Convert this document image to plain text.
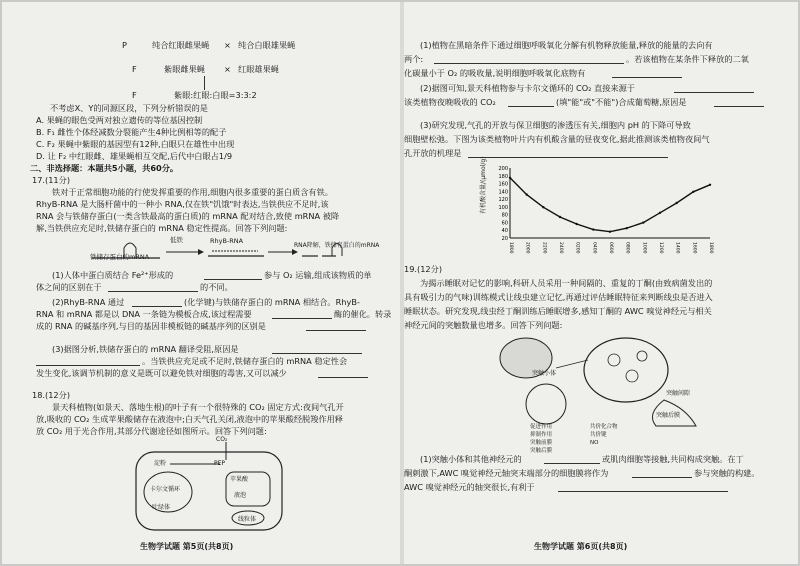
P	纯合红眼雌果蝇 × 纯合白眼雄果蝇
F	紫眼雌果蝇 × 红眼雄果蝇
F	紫眼:红眼:白眼=3:3:2
不考虑X、Y的同源区段，下列分析错误的是
A. 果蝇的眼色受两对独立遗传的等位基因控制
B. F₁ 雌性个体经减数分裂能产生4种比例相等的配子
C. F₂ 果蝇中紫眼的基因型有12种,白眼只在雄性中出现
D. 让 F₂ 中红眼雌、雄果蝇相互交配,后代中白眼占1/9
二、非选择题：本题共5小题，共60分。
17.(11分)
铁对于正常细胞功能的行使发挥重要的作用,细胞内很多重要的蛋白质含有铁。
RhyB-RNA 是大肠杆菌中的一种小 RNA,仅在铁"饥饿"时表达,当铁供应不足时,该
RNA 会与铁储存蛋白(一类含铁最高的蛋白质)的 mRNA 配对结合,致使 mRNA 被降
解,当铁供应充足时,铁储存蛋白的 mRNA 稳定性提高。回答下列问题:
铁储存蛋白的mRNA
低铁	RhyB-RNA
RNA降解，铁储存蛋白的mRNA
(1)人体中蛋白质结合 Fe²⁺形成的	参与 O₂ 运输,组成该物质的单
体之间的区别在于	的不同。
(2)RhyB-RNA 通过	(化学键)与铁储存蛋白的 mRNA 相结合。RhyB-
RNA 和 mRNA 都是以 DNA 一条链为模板合成,该过程需要	酶的催化。转录
成的 RNA 的碱基序列,与目的基因非模板链的碱基序列的区别是
(3)据图分析,铁储存蛋白的 mRNA 翻译受阻,原因是
。当铁供应充足或不足时,铁储存蛋白的 mRNA 稳定性会
发生变化,该调节机制的意义是既可以避免铁对细胞的毒害,又可以减少
18.(12分)
景天科植物(如景天、落地生根)的叶子有一个很特殊的 CO₂ 固定方式:夜间气孔开
放,吸收的 CO₂ 生成苹果酸储存在液泡中;白天气孔关闭,液泡中的苹果酸经脱羧作用释
放 CO₂ 用于光合作用,其部分代谢途径如图所示。回答下列问题:
CO₂
淀粉	PEP
苹果酸
卡尔文循环
叶绿体
液泡
线粒体
生物学试题 第5页(共8页)
(1)植物在黑暗条件下通过细胞呼吸氧化分解有机物释放能量,释放的能量的去向有
两个:	。若该植物在某条件下释放的二氧
化碳量小于 O₂ 的吸收量,说明细胞呼吸氧化底物有
(2)据图可知,景天科植物参与卡尔文循环的 CO₂ 直接来源于
该类植物夜晚吸收的 CO₂	(填"能"或"不能")合成葡萄糖,原因是
(3)研究发现,气孔的开放与保卫细胞的渗透压有关,细胞内 pH 的下降可导致
细胞壁松弛。下图为该类植物叶片内有机酸含量的昼夜变化,据此推测该类植物夜间气
孔开放的机理是
200
180
160
140
120
100
80
60
40
20
1800	2000	2200	2400	0200	0400	0600	0800	1000	1200	1400	1600	1800
有机酸含量/(μmol/g)
19.(12分)
为揭示睡眠对记忆的影响,科研人员采用一种间隔的、重复的丁酮(由致病菌发出的
具有吸引力的气味)训练模式让线虫建立记忆,再通过评估睡眠特征来判断线虫是否进入
睡眠状态。研究发现,线虫经丁酮训练后睡眠增多,感知丁酮的 AWC 嗅觉神经元与相关
神经元间的突触数量也增多。回答下列问题:
突触小体
突触间隙
突触后膜
促进作用
抑制作用
突触前膜
突触后膜
共价化合物
共价键
NO
(1)突触小体和其他神经元的	或肌肉细胞等接触,共同构成突触。在丁
酮刺激下,AWC 嗅觉神经元轴突末端部分的细胞膜将作为	参与突触的构建。
AWC 嗅觉神经元的轴突很长,有利于
生物学试题 第6页(共8页)
